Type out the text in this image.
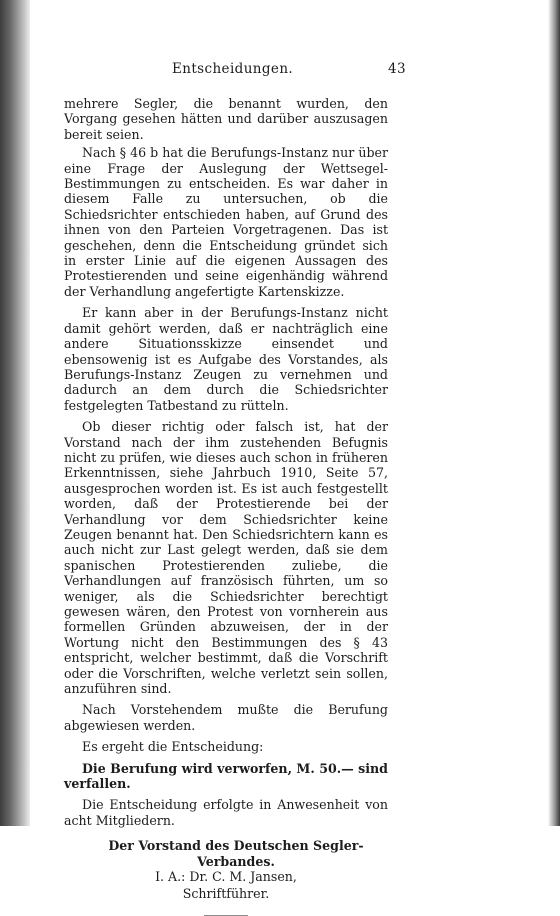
Entscheidungen.	43

mehrere Segler, die benannt wurden, den Vorgang gesehen hätten und darüber auszusagen bereit seien.

Nach § 46 b hat die Berufungs-Instanz nur über eine Frage der Auslegung der Wettsegel-Bestimmungen zu entscheiden. Es war daher in diesem Falle zu untersuchen, ob die Schiedsrichter entschieden haben, auf Grund des ihnen von den Parteien Vorgetragenen. Das ist geschehen, denn die Entscheidung gründet sich in erster Linie auf die eigenen Aussagen des Protestierenden und seine eigenhändig während der Verhandlung angefertigte Kartenskizze.

Er kann aber in der Berufungs-Instanz nicht damit gehört werden, daß er nachträglich eine andere Situationsskizze einsendet und ebensowenig ist es Aufgabe des Vorstandes, als Berufungs-Instanz Zeugen zu vernehmen und dadurch an dem durch die Schiedsrichter festgelegten Tatbestand zu rütteln.

Ob dieser richtig oder falsch ist, hat der Vorstand nach der ihm zustehenden Befugnis nicht zu prüfen, wie dieses auch schon in früheren Erkenntnissen, siehe Jahrbuch 1910, Seite 57, ausgesprochen worden ist. Es ist auch festgestellt worden, daß der Protestierende bei der Verhandlung vor dem Schiedsrichter keine Zeugen benannt hat. Den Schiedsrichtern kann es auch nicht zur Last gelegt werden, daß sie dem spanischen Protestierenden zuliebe, die Verhandlungen auf französisch führten, um so weniger, als die Schiedsrichter berechtigt gewesen wären, den Protest von vornherein aus formellen Gründen abzuweisen, der in der Wortung nicht den Bestimmungen des § 43 entspricht, welcher bestimmt, daß die Vorschrift oder die Vorschriften, welche verletzt sein sollen, anzuführen sind.

Nach Vorstehendem mußte die Berufung abgewiesen werden.

Es ergeht die Entscheidung:

Die Berufung wird verworfen, M. 50.— sind verfallen.

Die Entscheidung erfolgte in Anwesenheit von acht Mitgliedern.

Der Vorstand des Deutschen Segler-Verbandes.
I. A.: Dr. C. M. Jansen,
Schriftführer.
